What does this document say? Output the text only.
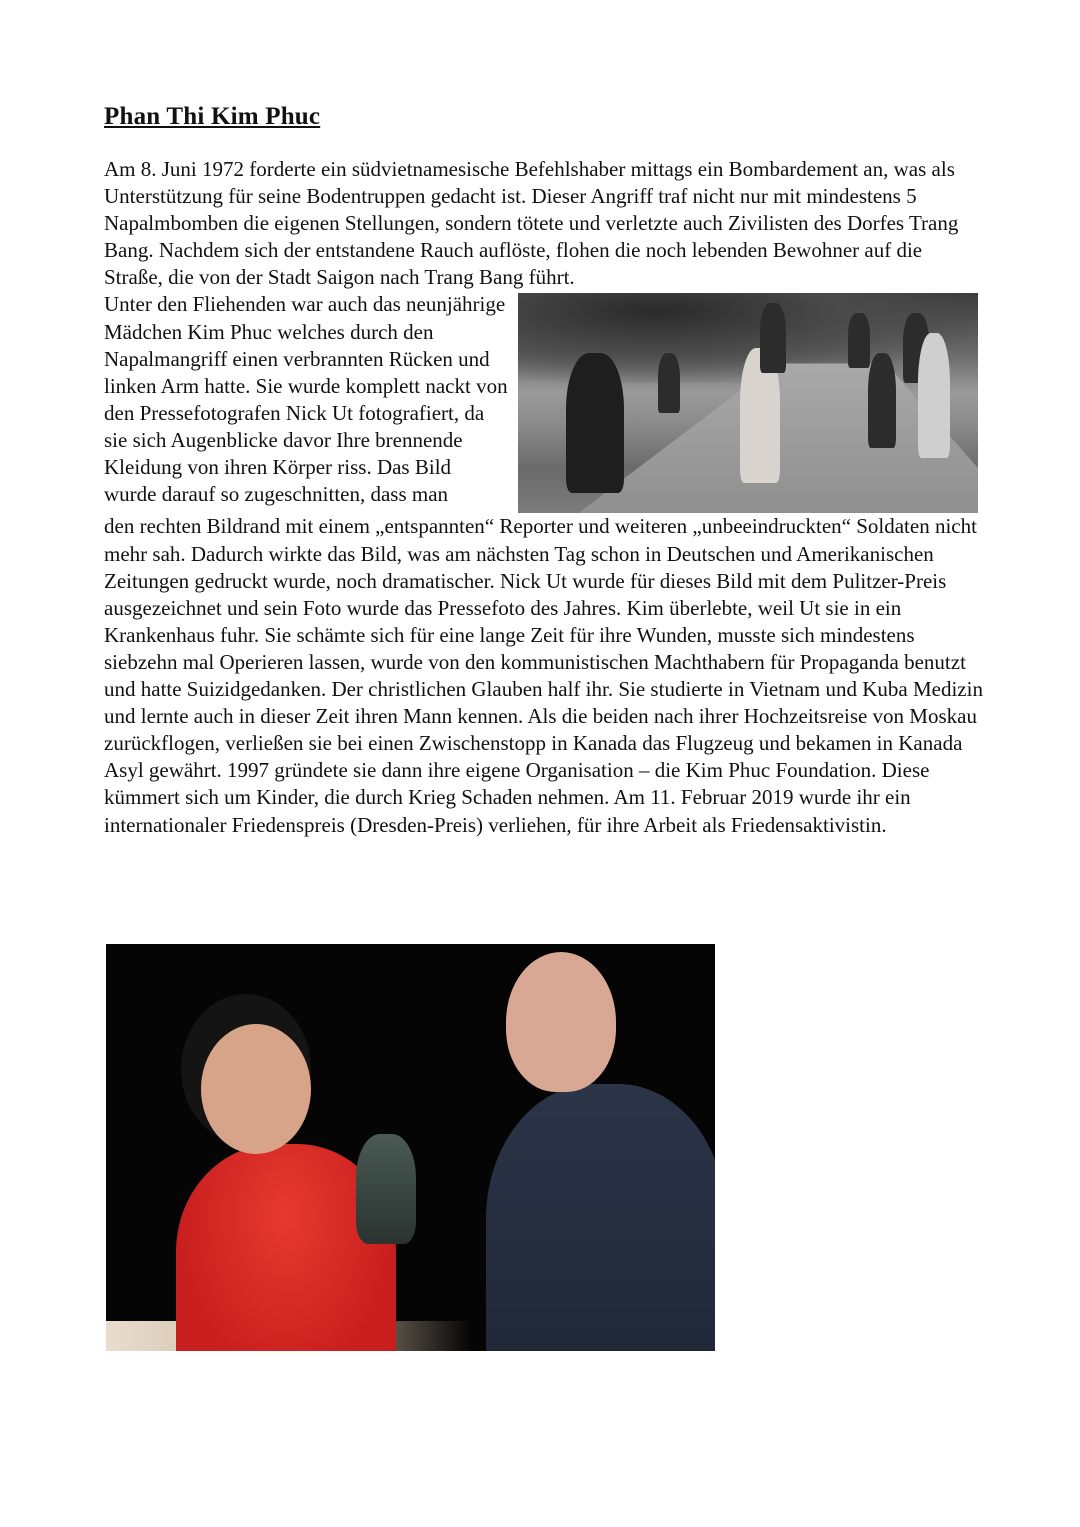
Phan Thi Kim Phuc

Am 8. Juni 1972 forderte ein südvietnamesische Befehlshaber mittags ein Bombardement an, was als Unterstützung für seine Bodentruppen gedacht ist. Dieser Angriff traf nicht nur mit mindestens 5 Napalmbomben die eigenen Stellungen, sondern tötete und verletzte auch Zivilisten des Dorfes Trang Bang. Nachdem sich der entstandene Rauch auflöste, flohen die noch lebenden Bewohner auf die Straße, die von der Stadt Saigon nach Trang Bang führt.

Unter den Fliehenden war auch das neunjährige Mädchen Kim Phuc welches durch den Napalmangriff einen verbrannten Rücken und linken Arm hatte. Sie wurde komplett nackt von den Pressefotografen Nick Ut fotografiert, da sie sich Augenblicke davor Ihre brennende Kleidung von ihren Körper riss. Das Bild wurde darauf so zugeschnitten, dass man

den rechten Bildrand mit einem „entspannten“ Reporter und weiteren „unbeeindruckten“ Soldaten nicht mehr sah. Dadurch wirkte das Bild, was am nächsten Tag schon in Deutschen und Amerikanischen Zeitungen gedruckt wurde, noch dramatischer. Nick Ut wurde für dieses Bild mit dem Pulitzer-Preis ausgezeichnet und sein Foto wurde das Pressefoto des Jahres. Kim überlebte, weil Ut sie in ein Krankenhaus fuhr. Sie schämte sich für eine lange Zeit für ihre Wunden, musste sich mindestens siebzehn mal Operieren lassen, wurde von den kommunistischen Machthabern für Propaganda benutzt und hatte Suizidgedanken. Der christlichen Glauben half ihr. Sie studierte in Vietnam und Kuba Medizin und lernte auch in dieser Zeit ihren Mann kennen. Als die beiden nach ihrer Hochzeitsreise von Moskau zurückflogen, verließen sie bei einen Zwischenstopp in Kanada das Flugzeug und bekamen in Kanada Asyl gewährt. 1997 gründete sie dann ihre eigene Organisation – die Kim Phuc Foundation. Diese kümmert sich um Kinder, die durch Krieg Schaden nehmen. Am 11. Februar 2019 wurde ihr ein internationaler Friedenspreis (Dresden-Preis) verliehen, für ihre Arbeit als Friedensaktivistin.
